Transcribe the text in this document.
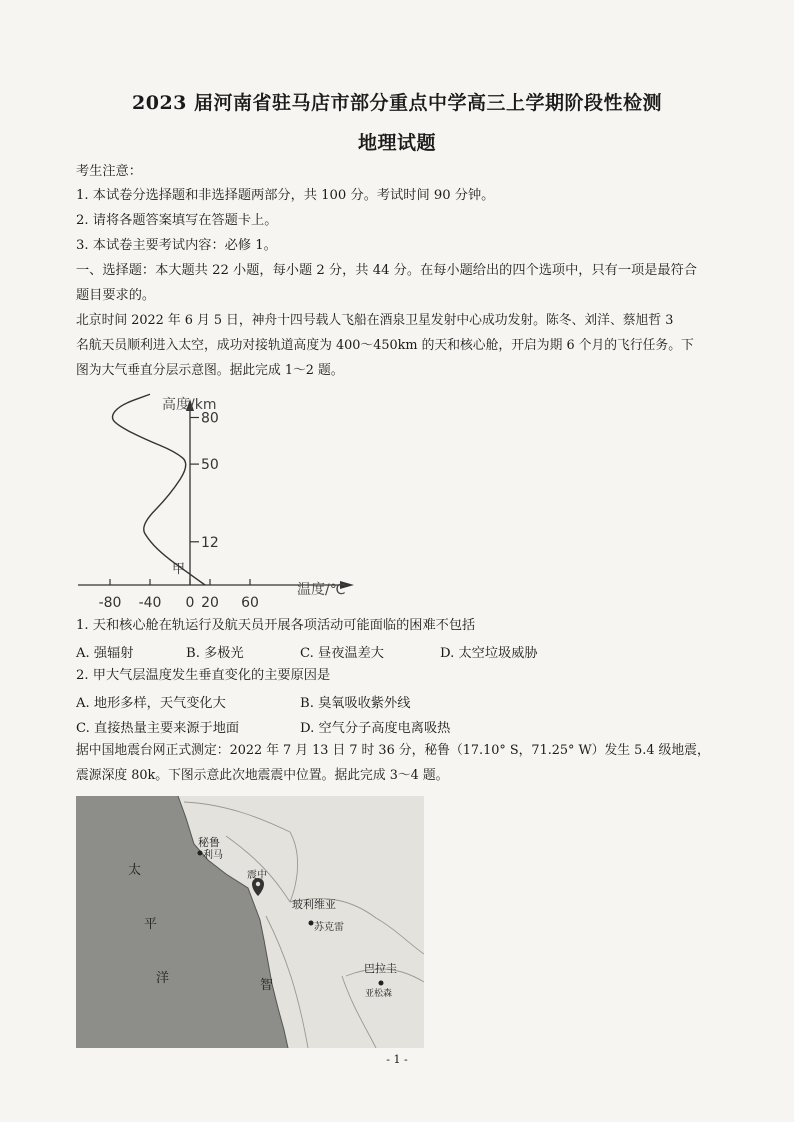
2023 届河南省驻马店市部分重点中学高三上学期阶段性检测
地理试题
考生注意：
1. 本试卷分选择题和非选择题两部分，共 100 分。考试时间 90 分钟。
2. 请将各题答案填写在答题卡上。
3. 本试卷主要考试内容：必修 1。
一、选择题：本大题共 22 小题，每小题 2 分，共 44 分。在每小题给出的四个选项中，只有一项是最符合
题目要求的。
北京时间 2022 年 6 月 5 日，神舟十四号载人飞船在酒泉卫星发射中心成功发射。陈冬、刘洋、蔡旭哲 3
名航天员顺利进入太空，成功对接轨道高度为 400～450km 的天和核心舱，开启为期 6 个月的飞行任务。下
图为大气垂直分层示意图。据此完成 1～2 题。
高度/km
温度/℃
12
50
80
-80 -40 0 20 60
甲
1. 天和核心舱在轨运行及航天员开展各项活动可能面临的困难不包括
A. 强辐射	B. 多极光	C. 昼夜温差大	D. 太空垃圾威胁
2. 甲大气层温度发生垂直变化的主要原因是
A. 地形多样，天气变化大	B. 臭氧吸收紫外线
C. 直接热量主要来源于地面	D. 空气分子高度电离吸热
据中国地震台网正式测定：2022 年 7 月 13 日 7 时 36 分，秘鲁（17.10° S，71.25° W）发生 5.4 级地震，
震源深度 80k。下图示意此次地震震中位置。据此完成 3～4 题。
秘鲁
利马
震中
玻利维亚
苏克雷
巴拉圭
亚松森
智
太
平
洋
- 1 -
